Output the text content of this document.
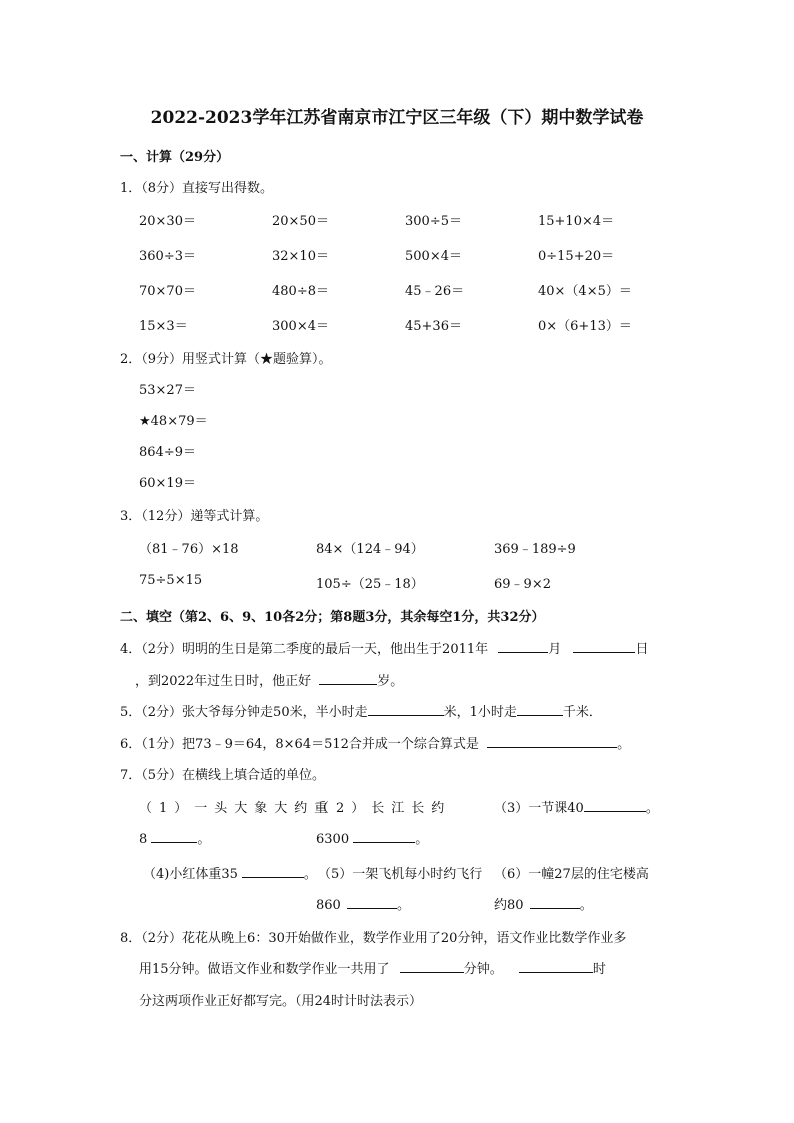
2022-2023学年江苏省南京市江宁区三年级（下）期中数学试卷
一、计算（29分）
1．（8分）直接写出得数。
20×30＝	20×50＝	300÷5＝	15+10×4＝
360÷3＝	32×10＝	500×4＝	0÷15+20＝
70×70＝	480÷8＝	45﹣26＝	40×（4×5）＝
15×3＝	300×4＝	45+36＝	0×（6+13）＝
2．（9分）用竖式计算（★题验算）。
53×27＝
★48×79＝
864÷9＝
60×19＝
3．（12分）递等式计算。
（81﹣76）×18	84×（124﹣94）	369﹣189÷9
75÷5×15	105÷（25﹣18）	69﹣9×2
二、填空（第2、6、9、10各2分；第8题3分，其余每空1分，共32分）
4．（2分）明明的生日是第二季度的最后一天，他出生于2011年	月	日
，到2022年过生日时，他正好	岁。
5．（2分）张大爷每分钟走50米，半小时走	米，1小时走	千米．
6．（1分）把73﹣9＝64，8×64＝512合并成一个综合算式是	。
7．（5分）在横线上填合适的单位。
（1）一头大象大约重
（2）长江长约	（3）一节课40	。
8	。	6300	。
（4)小红体重35	。 （5）一架飞机每小时约飞行 （6）一幢27层的住宅楼高
860	。	约80	。
8．（2分）花花从晚上6：30开始做作业，数学作业用了20分钟，语文作业比数学作业多
用15分钟。做语文作业和数学作业一共用了	分钟。	时
分这两项作业正好都写完。（用24时计时法表示）
